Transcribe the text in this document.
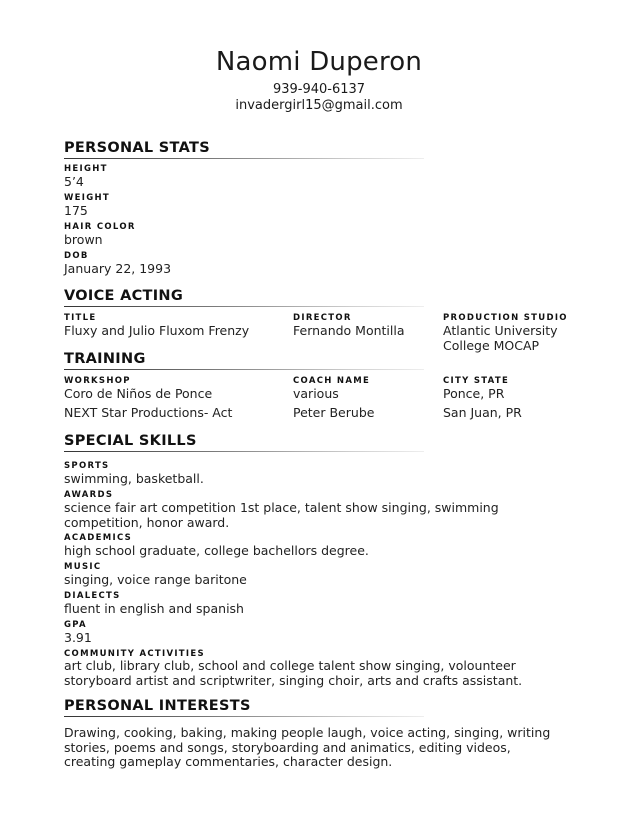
Naomi Duperon
939-940-6137
invadergirl15@gmail.com
PERSONAL STATS
HEIGHT
5’4
WEIGHT
175
HAIR COLOR
brown
DOB
January 22, 1993
VOICE ACTING
TITLE	DIRECTOR	PRODUCTION STUDIO
Fluxy and Julio Fluxom Frenzy	Fernando Montilla	Atlantic University College MOCAP
TRAINING
WORKSHOP	COACH NAME	CITY STATE
Coro de Niños de Ponce	various	Ponce, PR
NEXT Star Productions- Act	Peter Berube	San Juan, PR
SPECIAL SKILLS
SPORTS
swimming, basketball.
AWARDS
science fair art competition 1st place, talent show singing, swimming competition, honor award.
ACADEMICS
high school graduate, college bachellors degree.
MUSIC
singing, voice range baritone
DIALECTS
fluent in english and spanish
GPA
3.91
COMMUNITY ACTIVITIES
art club, library club, school and college talent show singing, volounteer storyboard artist and scriptwriter, singing choir, arts and crafts assistant.
PERSONAL INTERESTS
Drawing, cooking, baking, making people laugh, voice acting, singing, writing stories, poems and songs, storyboarding and animatics, editing videos, creating gameplay commentaries, character design.
